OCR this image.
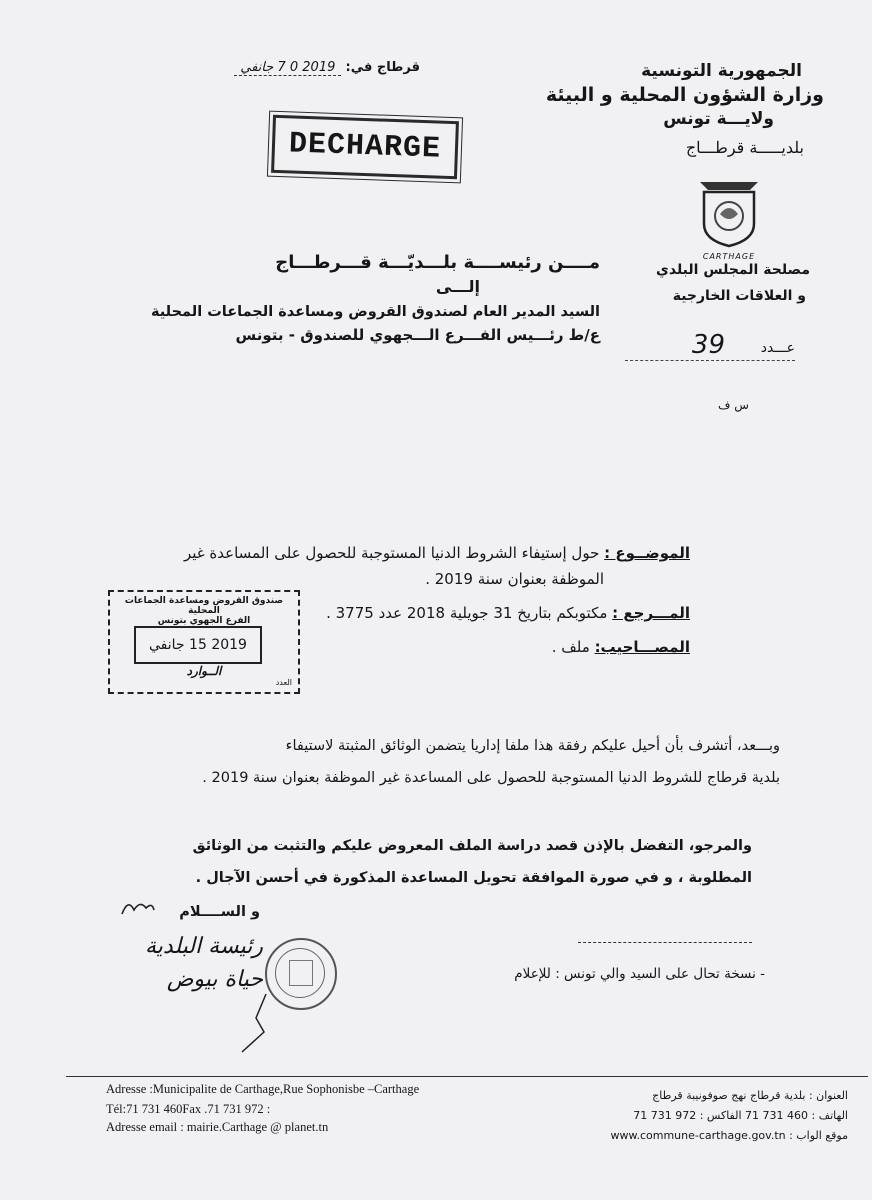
قرطاج في: 2019 0 7 جانفي
DECHARGE
الجمهورية التونسية
وزارة الشؤون المحلية و البيئة
ولايـــة تونس
بلديـــــة قرطـــاج
CARTHAGE
مصلحة المجلس البلدي
و العلاقات الخارجية
عـــدد
39
س ف
مــــن رئيســــة بلـــديّـــة قـــرطـــاج
إلـــى
السيد المدير العام لصندوق القروض ومساعدة الجماعات المحلية
ع/ط رئـــيس الفـــرع الـــجهوي للصندوق - بتونس
الموضــوع : حول إستيفاء الشروط الدنيا المستوجبة للحصول على المساعدة غير
الموظفة بعنوان سنة 2019 .
المـــرجع : مكتوبكم بتاريخ 31 جويلية 2018 عدد 3775 .
المصـــاحيب: ملف .
صندوق القروض ومساعدة الجماعات المحلية
الفرع الجهوي بتونس
2019 15 جانفي
الــوارد
العدد
وبـــعد، أتشرف بأن أحيل عليكم رفقة هذا ملفا إداريا يتضمن الوثائق المثبتة لاستيفاء
بلدية قرطاج للشروط الدنيا المستوجبة للحصول على المساعدة غير الموظفة بعنوان سنة 2019 .
والمرجو، التفضل بالإذن قصد دراسة الملف المعروض عليكم والتثبت من الوثائق
المطلوبة ، و في صورة الموافقة تحويل المساعدة المذكورة في أحسن الآجال .
و الســــلام
رئيسة البلدية
حياة بيوض	- نسخة تحال على السيد والي تونس : للإعلام
Adresse :Municipalite de Carthage,Rue Sophonisbe –Carthage
Tél:71 731 460Fax .71 731 972 :
Adresse email : mairie.Carthage @ planet.tn
العنوان : بلدية قرطاج نهج صوفونيبة قرطاج
الهاتف : 460 731 71 الفاكس : 972 731 71
موقع الواب : www.commune-carthage.gov.tn
